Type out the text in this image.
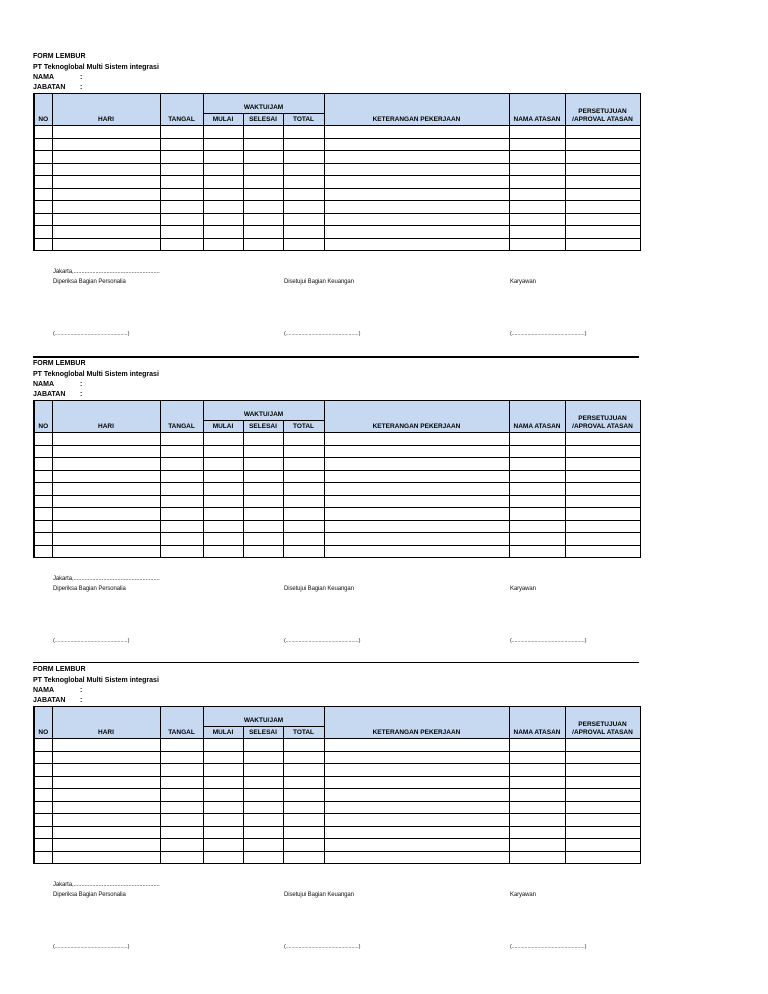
FORM LEMBUR
PT Teknoglobal Multi Sistem integrasi
NAMA	:
JABATAN :
NO	HARI	TANGAL	WAKTU/JAM			KETERANGAN PEKERJAAN	NAMA ATASAN	PERSETUJUAN
/APROVAL ATASAN
			MULAI	SELESAI	TOTAL			

Jakarta,.......................................................
Diperiksa Bagian Personalia	Disetujui Bagian Keuangan	Karyawan
(...................................................)	(...................................................)	(...................................................)
FORM LEMBUR
PT Teknoglobal Multi Sistem integrasi
NAMA	:
JABATAN :
NO	HARI	TANGAL	WAKTU/JAM			KETERANGAN PEKERJAAN	NAMA ATASAN	PERSETUJUAN
/APROVAL ATASAN
			MULAI	SELESAI	TOTAL			

Jakarta,.......................................................
Diperiksa Bagian Personalia	Disetujui Bagian Keuangan	Karyawan
(...................................................)	(...................................................)	(...................................................)
FORM LEMBUR
PT Teknoglobal Multi Sistem integrasi
NAMA	:
JABATAN :
NO	HARI	TANGAL	WAKTU/JAM			KETERANGAN PEKERJAAN	NAMA ATASAN	PERSETUJUAN
/APROVAL ATASAN
			MULAI	SELESAI	TOTAL			

Jakarta,.......................................................
Diperiksa Bagian Personalia	Disetujui Bagian Keuangan	Karyawan
(...................................................)	(...................................................)	(...................................................)
